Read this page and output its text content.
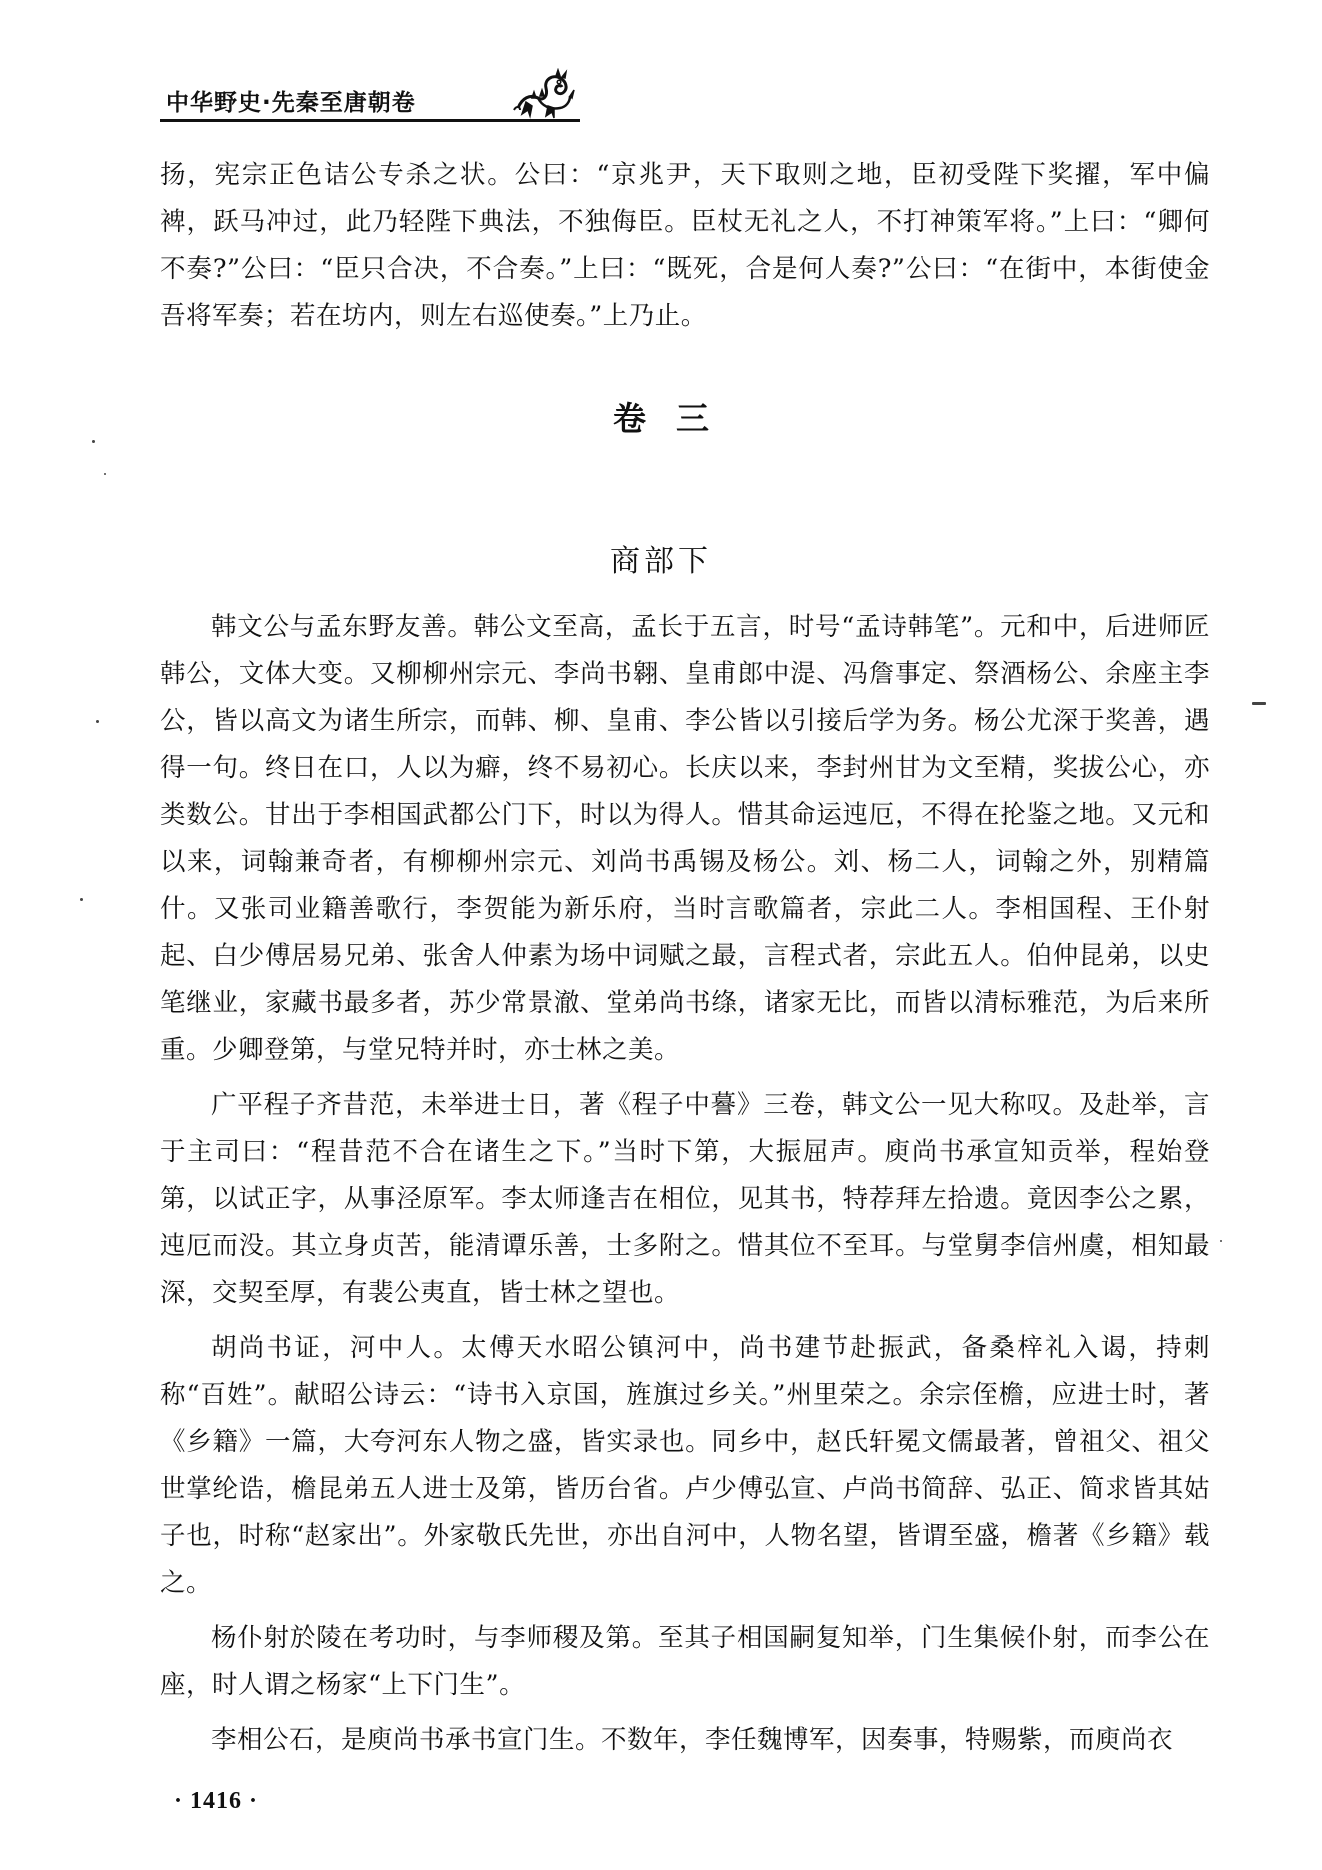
中华野史·先秦至唐朝卷

扬，宪宗正色诘公专杀之状。公曰：“京兆尹，天下取则之地，臣初受陛下奖擢，军中偏裨，跃马冲过，此乃轻陛下典法，不独侮臣。臣杖无礼之人，不打神策军将。”上曰：“卿何不奏?”公曰：“臣只合决，不合奏。”上曰：“既死，合是何人奏?”公曰：“在街中，本街使金吾将军奏；若在坊内，则左右巡使奏。”上乃止。

卷三
商部下

韩文公与孟东野友善。韩公文至高，孟长于五言，时号“孟诗韩笔”。元和中，后进师匠韩公，文体大变。又柳柳州宗元、李尚书翱、皇甫郎中湜、冯詹事定、祭酒杨公、余座主李公，皆以高文为诸生所宗，而韩、柳、皇甫、李公皆以引接后学为务。杨公尤深于奖善，遇得一句。终日在口，人以为癖，终不易初心。长庆以来，李封州甘为文至精，奖拔公心，亦类数公。甘出于李相国武都公门下，时以为得人。惜其命运迍厄，不得在抡鉴之地。又元和以来，词翰兼奇者，有柳柳州宗元、刘尚书禹锡及杨公。刘、杨二人，词翰之外，别精篇什。又张司业籍善歌行，李贺能为新乐府，当时言歌篇者，宗此二人。李相国程、王仆射起、白少傅居易兄弟、张舍人仲素为场中词赋之最，言程式者，宗此五人。伯仲昆弟，以史笔继业，家藏书最多者，苏少常景澈、堂弟尚书绦，诸家无比，而皆以清标雅范，为后来所重。少卿登第，与堂兄特并时，亦士林之美。

广平程子齐昔范，未举进士日，著《程子中謩》三卷，韩文公一见大称叹。及赴举，言于主司曰：“程昔范不合在诸生之下。”当时下第，大振屈声。庾尚书承宣知贡举，程始登第，以试正字，从事泾原军。李太师逢吉在相位，见其书，特荐拜左拾遗。竟因李公之累，迍厄而没。其立身贞苦，能清谭乐善，士多附之。惜其位不至耳。与堂舅李信州虞，相知最深，交契至厚，有裴公夷直，皆士林之望也。

胡尚书证，河中人。太傅天水昭公镇河中，尚书建节赴振武，备桑梓礼入谒，持刺称“百姓”。献昭公诗云：“诗书入京国，旌旗过乡关。”州里荣之。余宗侄檐，应进士时，著《乡籍》一篇，大夸河东人物之盛，皆实录也。同乡中，赵氏轩冕文儒最著，曾祖父、祖父世掌纶诰，檐昆弟五人进士及第，皆历台省。卢少傅弘宣、卢尚书简辞、弘正、简求皆其姑子也，时称“赵家出”。外家敬氏先世，亦出自河中，人物名望，皆谓至盛，檐著《乡籍》载之。

杨仆射於陵在考功时，与李师稷及第。至其子相国嗣复知举，门生集候仆射，而李公在座，时人谓之杨家“上下门生”。

李相公石，是庾尚书承书宣门生。不数年，李任魏博军，因奏事，特赐紫，而庾尚衣

· 1416 ·
